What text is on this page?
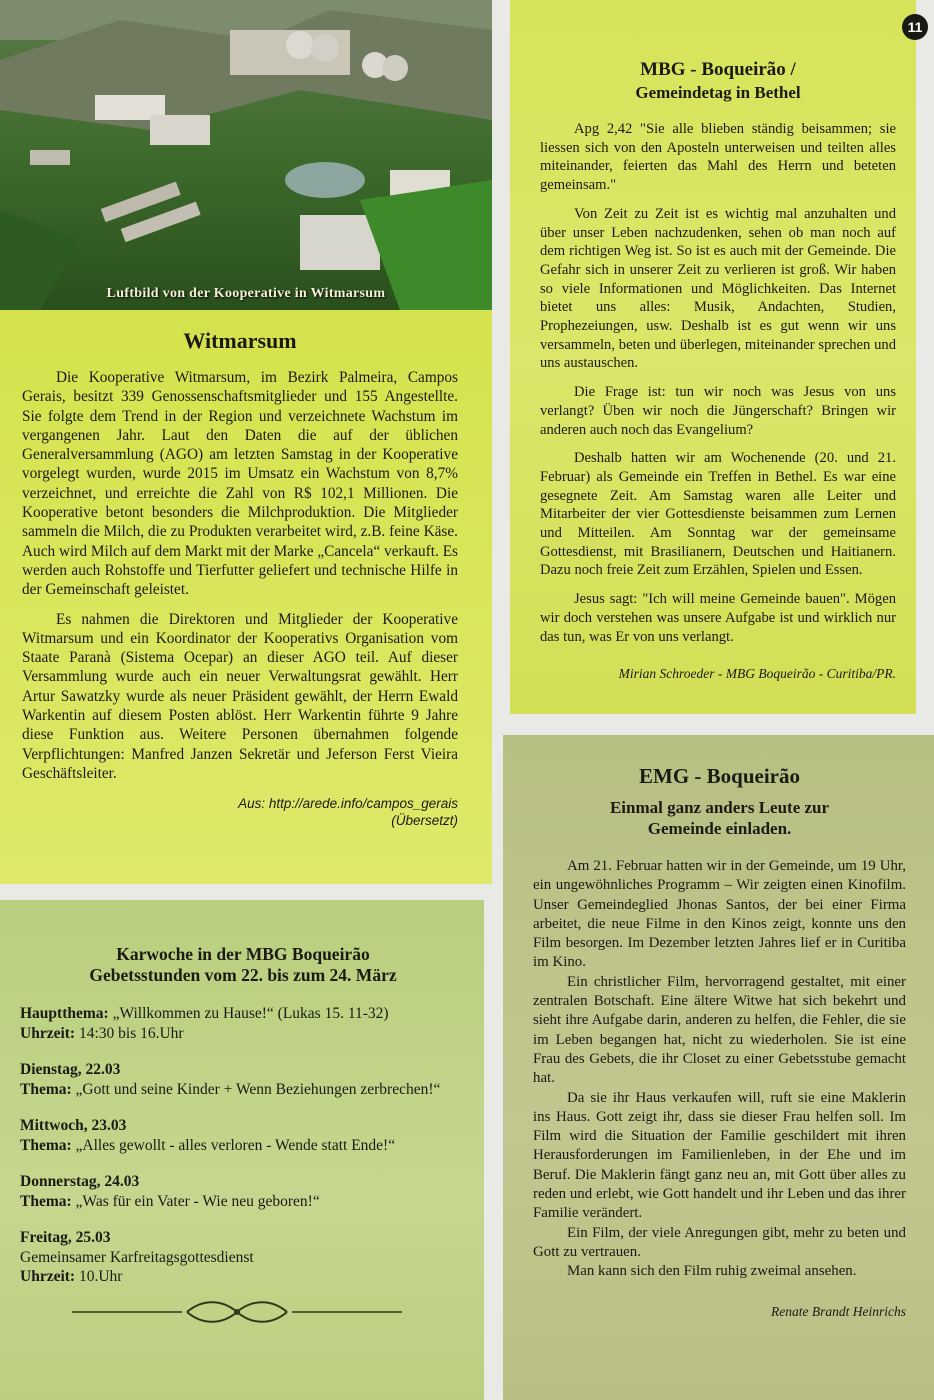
Luftbild von der Kooperative in Witmarsum
Witmarsum

Die Kooperative Witmarsum, im Bezirk Palmeira, Campos Gerais, besitzt 339 Genossenschaftsmitglieder und 155 Angestellte. Sie folgte dem Trend in der Region und verzeichnete Wachstum im vergangenen Jahr. Laut den Daten die auf der üblichen Generalversammlung (AGO) am letzten Samstag in der Kooperative vorgelegt wurden, wurde 2015 im Umsatz ein Wachstum von 8,7% verzeichnet, und erreichte die Zahl von R$ 102,1 Millionen. Die Kooperative betont besonders die Milchproduktion. Die Mitglieder sammeln die Milch, die zu Produkten verarbeitet wird, z.B. feine Käse. Auch wird Milch auf dem Markt mit der Marke „Cancela“ verkauft. Es werden auch Rohstoffe und Tierfutter geliefert und technische Hilfe in der Gemeinschaft geleistet.

Es nahmen die Direktoren und Mitglieder der Kooperative Witmarsum und ein Koordinator der Kooperativs Organisation vom Staate Paranà (Sistema Ocepar) an dieser AGO teil. Auf dieser Versammlung wurde auch ein neuer Verwaltungsrat gewählt. Herr Artur Sawatzky wurde als neuer Präsident gewählt, der Herrn Ewald Warkentin auf diesem Posten ablöst. Herr Warkentin führte 9 Jahre diese Funktion aus. Weitere Personen übernahmen folgende Verpflichtungen: Manfred Janzen Sekretär und Jeferson Ferst Vieira Geschäftsleiter.

Aus: http://arede.info/campos_gerais
(Übersetzt)
Karwoche in der MBG Boqueirão
Gebetsstunden vom 22. bis zum 24. März
Hauptthema: „Willkommen zu Hause!“ (Lukas 15. 11-32)
Uhrzeit: 14:30 bis 16.Uhr
Dienstag, 22.03
Thema: „Gott und seine Kinder + Wenn Beziehungen zerbrechen!“
Mittwoch, 23.03
Thema: „Alles gewollt - alles verloren - Wende statt Ende!“
Donnerstag, 24.03
Thema: „Was für ein Vater - Wie neu geboren!“
Freitag, 25.03
Gemeinsamer Karfreitagsgottesdienst
Uhrzeit: 10.Uhr
MBG - Boqueirão /
Gemeindetag in Bethel

Apg 2,42 "Sie alle blieben ständig beisammen; sie liessen sich von den Aposteln unterweisen und teilten alles miteinander, feierten das Mahl des Herrn und beteten gemeinsam."

Von Zeit zu Zeit ist es wichtig mal anzuhalten und über unser Leben nachzudenken, sehen ob man noch auf dem richtigen Weg ist. So ist es auch mit der Gemeinde. Die Gefahr sich in unserer Zeit zu verlieren ist groß. Wir haben so viele Informationen und Möglichkeiten. Das Internet bietet uns alles: Musik, Andachten, Studien, Prophezeiungen, usw. Deshalb ist es gut wenn wir uns versammeln, beten und überlegen, miteinander sprechen und uns austauschen.

Die Frage ist: tun wir noch was Jesus von uns verlangt? Üben wir noch die Jüngerschaft? Bringen wir anderen auch noch das Evangelium?

Deshalb hatten wir am Wochenende (20. und 21. Februar) als Gemeinde ein Treffen in Bethel. Es war eine gesegnete Zeit. Am Samstag waren alle Leiter und Mitarbeiter der vier Gottesdienste beisammen zum Lernen und Mitteilen. Am Sonntag war der gemeinsame Gottesdienst, mit Brasilianern, Deutschen und Haitianern. Dazu noch freie Zeit zum Erzählen, Spielen und Essen.

Jesus sagt: "Ich will meine Gemeinde bauen". Mögen wir doch verstehen was unsere Aufgabe ist und wirklich nur das tun, was Er von uns verlangt.

Mirian Schroeder - MBG Boqueirão - Curitiba/PR.
11
EMG - Boqueirão
Einmal ganz anders Leute zur
Gemeinde einladen.

Am 21. Februar hatten wir in der Gemeinde, um 19 Uhr, ein ungewöhnliches Programm – Wir zeigten einen Kinofilm. Unser Gemeindeglied Jhonas Santos, der bei einer Firma arbeitet, die neue Filme in den Kinos zeigt, konnte uns den Film besorgen. Im Dezember letzten Jahres lief er in Curitiba im Kino.

Ein christlicher Film, hervorragend gestaltet, mit einer zentralen Botschaft. Eine ältere Witwe hat sich bekehrt und sieht ihre Aufgabe darin, anderen zu helfen, die Fehler, die sie im Leben begangen hat, nicht zu wiederholen. Sie ist eine Frau des Gebets, die ihr Closet zu einer Gebetsstube gemacht hat.

Da sie ihr Haus verkaufen will, ruft sie eine Maklerin ins Haus. Gott zeigt ihr, dass sie dieser Frau helfen soll. Im Film wird die Situation der Familie geschildert mit ihren Herausforderungen im Familienleben, in der Ehe und im Beruf. Die Maklerin fängt ganz neu an, mit Gott über alles zu reden und erlebt, wie Gott handelt und ihr Leben und das ihrer Familie verändert.

Ein Film, der viele Anregungen gibt, mehr zu beten und Gott zu vertrauen.

Man kann sich den Film ruhig zweimal ansehen.

Renate Brandt Heinrichs
